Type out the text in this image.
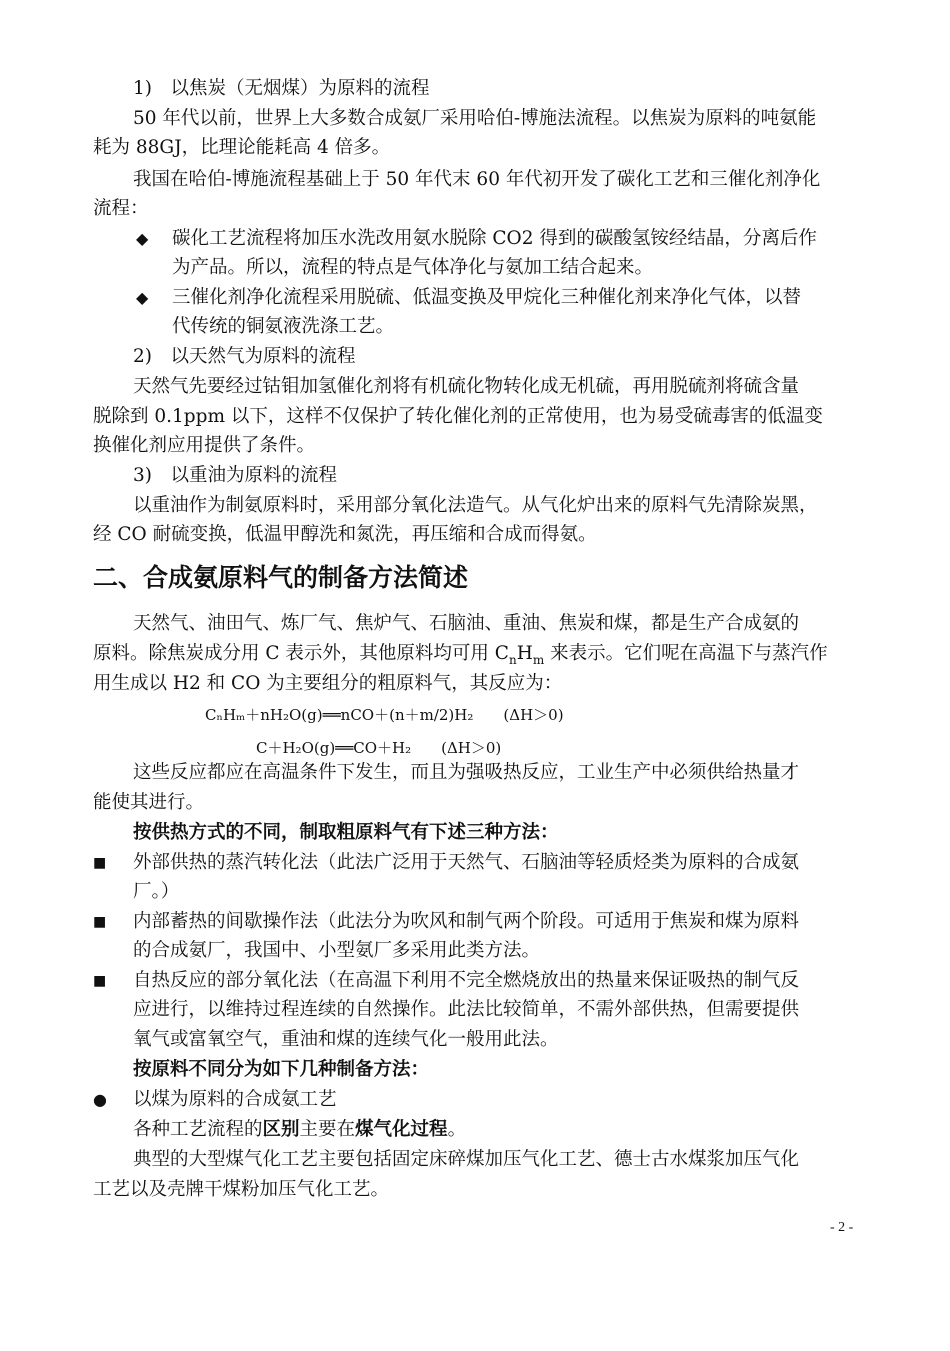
1)　以焦炭（无烟煤）为原料的流程
50 年代以前，世界上大多数合成氨厂采用哈伯-博施法流程。以焦炭为原料的吨氨能
耗为 88GJ，比理论能耗高 4 倍多。
我国在哈伯-博施流程基础上于 50 年代末 60 年代初开发了碳化工艺和三催化剂净化
流程：
◆ 碳化工艺流程将加压水洗改用氨水脱除 CO2 得到的碳酸氢铵经结晶，分离后作
为产品。所以，流程的特点是气体净化与氨加工结合起来。
◆ 三催化剂净化流程采用脱硫、低温变换及甲烷化三种催化剂来净化气体，以替
代传统的铜氨液洗涤工艺。
2)　以天然气为原料的流程
天然气先要经过钴钼加氢催化剂将有机硫化物转化成无机硫，再用脱硫剂将硫含量
脱除到 0.1ppm 以下，这样不仅保护了转化催化剂的正常使用，也为易受硫毒害的低温变
换催化剂应用提供了条件。
3)　以重油为原料的流程
以重油作为制氨原料时，采用部分氧化法造气。从气化炉出来的原料气先清除炭黑，
经 CO 耐硫变换，低温甲醇洗和氮洗，再压缩和合成而得氨。
二、合成氨原料气的制备方法简述
天然气、油田气、炼厂气、焦炉气、石脑油、重油、焦炭和煤，都是生产合成氨的
原料。除焦炭成分用 C 表示外，其他原料均可用 $C_nH_m$ 来表示。它们呢在高温下与蒸汽作
用生成以 H2 和 CO 为主要组分的粗原料气，其反应为：
CₙHₘ＋nH₂O(g)══nCO＋(n＋m/2)H₂　　(ΔH＞0)
C＋H₂O(g)══CO＋H₂　　(ΔH＞0)
这些反应都应在高温条件下发生，而且为强吸热反应，工业生产中必须供给热量才
能使其进行。
按供热方式的不同，制取粗原料气有下述三种方法：
■ 外部供热的蒸汽转化法（此法广泛用于天然气、石脑油等轻质烃类为原料的合成氨
厂。）
■ 内部蓄热的间歇操作法（此法分为吹风和制气两个阶段。可适用于焦炭和煤为原料
的合成氨厂，我国中、小型氨厂多采用此类方法。
■ 自热反应的部分氧化法（在高温下利用不完全燃烧放出的热量来保证吸热的制气反
应进行，以维持过程连续的自然操作。此法比较简单，不需外部供热，但需要提供
氧气或富氧空气，重油和煤的连续气化一般用此法。
按原料不同分为如下几种制备方法：
● 以煤为原料的合成氨工艺
各种工艺流程的区别主要在煤气化过程。
典型的大型煤气化工艺主要包括固定床碎煤加压气化工艺、德士古水煤浆加压气化
工艺以及壳牌干煤粉加压气化工艺。
- 2 -
